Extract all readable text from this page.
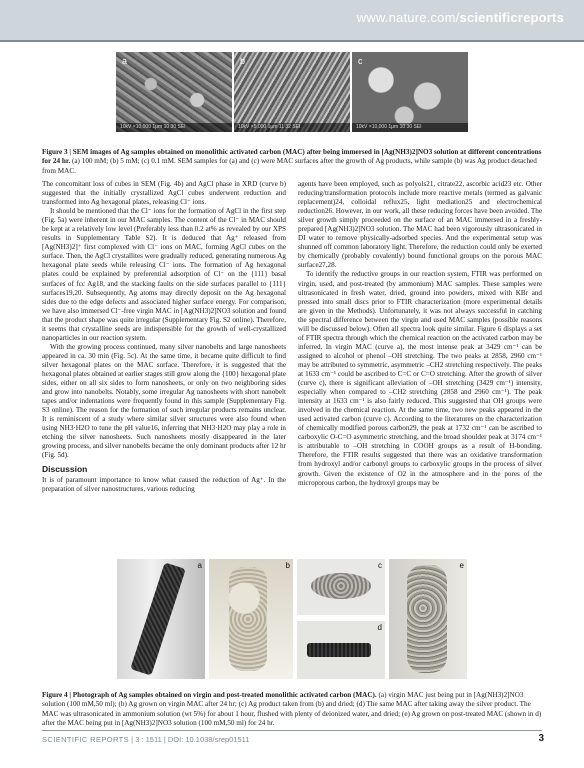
www.nature.com/scientificreports
a
10kV ×10,000 1μm 10 30 SEI
b
10kV ×5,000 1μm 11 32 SEI
c
10kV ×10,000 1μm 10 30 SEI
Figure 3 | SEM images of Ag samples obtained on monolithic activated carbon (MAC) after being immersed in [Ag(NH3)2]NO3 solution at different concentrations for 24 hr. (a) 100 mM; (b) 5 mM; (c) 0.1 mM. SEM samples for (a) and (c) were MAC surfaces after the growth of Ag products, while sample (b) was Ag product detached from MAC.

The concomitant loss of cubes in SEM (Fig. 4b) and AgCl phase in XRD (curve b) suggested that the initially crystallized AgCl cubes underwent reduction and transformed into Ag hexagonal plates, releasing Cl⁻ ions.

It should be mentioned that the Cl⁻ ions for the formation of AgCl in the first step (Fig. 5a) were inherent in our MAC samples. The content of the Cl⁻ in MAC should be kept at a relatively low level (Preferably less than 0.2 at% as revealed by our XPS results in Supplementary Table S2). It is deduced that Ag⁺ released from [Ag(NH3)2]⁺ first complexed with Cl⁻ ions on MAC, forming AgCl cubes on the surface. Then, the AgCl crystallites were gradually reduced, generating numerous Ag hexagonal plate seeds while releasing Cl⁻ ions. The formation of Ag hexagonal plates could be explained by preferential adsorption of Cl⁻ on the {111} basal surfaces of fcc Ag18, and the stacking faults on the side surfaces parallel to {111} surfaces19,20. Subsequently, Ag atoms may directly deposit on the Ag hexagonal sides due to the edge defects and associated higher surface energy. For comparison, we have also immersed Cl⁻-free virgin MAC in [Ag(NH3)2]NO3 solution and found that the product shape was quite irregular (Supplementary Fig. S2 online). Therefore, it seems that crystalline seeds are indispensible for the growth of well-crystallized nanoparticles in our reaction system.

With the growing process continued, many silver nanobelts and large nanosheets appeared in ca. 30 min (Fig. 5c). At the same time, it became quite difficult to find silver hexagonal plates on the MAC surface. Therefore, it is suggested that the hexagonal plates obtained at earlier stages still grow along the {100} hexagonal plate sides, either on all six sides to form nanosheets, or only on two neighboring sides and grow into nanobelts. Notably, some irregular Ag nanosheets with short nanobelt tapes and/or indentations were frequently found in this sample (Supplementary Fig. S3 online). The reason for the formation of such irregular products remains unclear. It is reminiscent of a study where similar silver structures were also found when using NH3·H2O to tune the pH value16, inferring that NH3·H2O may play a role in etching the silver nanosheets. Such nanosheets mostly disappeared in the later growing process, and silver nanobelts became the only dominant products after 12 hr (Fig. 5d).

Discussion

It is of paramount importance to know what caused the reduction of Ag⁺. In the preparation of silver nanostructures, various reducing

agents have been employed, such as polyols21, citrate22, ascorbic acid23 etc. Other reducing/transformation protocols include more reactive metals (termed as galvanic replacement)24, colloidal reflux25, light mediation25 and electrochemical reduction26. However, in our work, all these reducing forces have been avoided. The silver growth simply proceeded on the surface of an MAC immersed in a freshly-prepared [Ag(NH3)2]NO3 solution. The MAC had been vigorously ultrasonicated in DI water to remove physically-adsorbed species. And the experimental setup was shunned off common laboratory light. Therefore, the reduction could only be exerted by chemically (probably covalently) bound functional groups on the porous MAC surface27,28.

To identify the reductive groups in our reaction system, FTIR was performed on virgin, used, and post-treated (by ammonium) MAC samples. These samples were ultrasonicated in fresh water, dried, ground into powders, mixed with KBr and pressed into small discs prior to FTIR characterization (more experimental details are given in the Methods). Unfortunately, it was not always successful in catching the spectral difference between the virgin and used MAC samples (possible reasons will be discussed below). Often all spectra look quite similar. Figure 6 displays a set of FTIR spectra through which the chemical reaction on the activated carbon may be inferred. In virgin MAC (curve a), the most intense peak at 3429 cm⁻¹ can be assigned to alcohol or phenol –OH stretching. The two peaks at 2858, 2960 cm⁻¹ may be attributed to symmetric, asymmetric –CH2 stretching respectively. The peaks at 1633 cm⁻¹ could be ascribed to C=C or C=O stretching. After the growth of silver (curve c), there is significant alleviation of –OH stretching (3429 cm⁻¹) intensity, especially when compared to –CH2 stretching (2858 and 2960 cm⁻¹). The peak intensity at 1633 cm⁻¹ is also fairly reduced. This suggested that OH groups were involved in the chemical reaction. At the same time, two new peaks appeared in the used activated carbon (curve c). According to the literatures on the characterization of chemically modified porous carbon29, the peak at 1732 cm⁻¹ can be ascribed to carboxylic O-C=O asymmetric stretching, and the broad shoulder peak at 3174 cm⁻¹ is attributable to –OH stretching in COOH groups as a result of H-bonding. Therefore, the FTIR results suggested that there was an oxidative transformation from hydroxyl and/or carbonyl groups to carboxylic groups in the process of silver growth. Given the existence of O2 in the atmosphere and in the pores of the microporous carbon, the hydroxyl groups may be

a	b	c
d
e
Figure 4 | Photograph of Ag samples obtained on virgin and post-treated monolithic activated carbon (MAC). (a) virgin MAC just being put in [Ag(NH3)2]NO3 solution (100 mM,50 ml); (b) Ag grown on virgin MAC after 24 hr; (c) Ag product taken from (b) and dried; (d) The same MAC after taking away the silver product. The MAC was ultrasonicated in ammonium solution (wt 5%) for about 1 hour, flushed with plenty of deionized water, and dried; (e) Ag grown on post-treated MAC (shown in d) after the MAC being put in [Ag(NH3)2]NO3 solution (100 mM,50 ml) for 24 hr.
SCIENTIFIC REPORTS | 3 : 1511 | DOI: 10.1038/srep01511	3
